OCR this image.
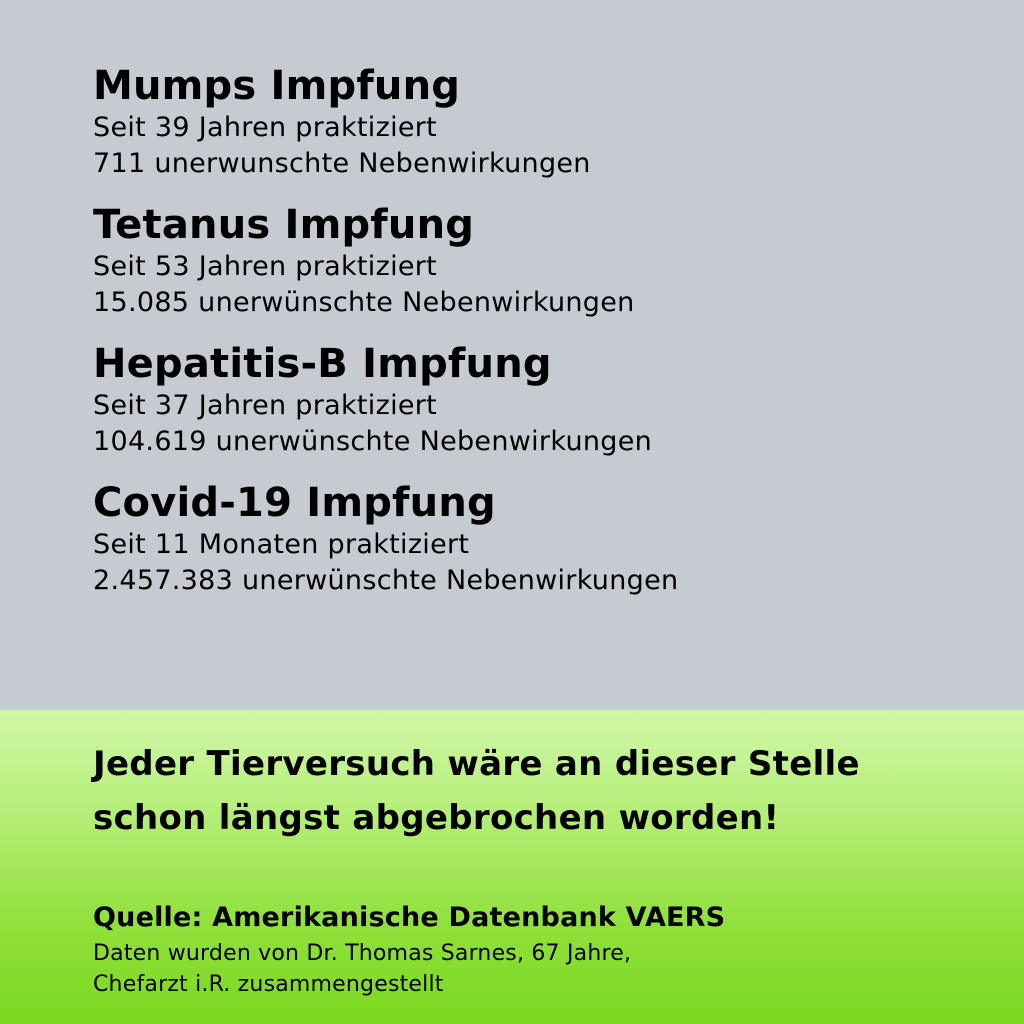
Mumps Impfung

Seit 39 Jahren praktiziert

711 unerwunschte Nebenwirkungen

Tetanus Impfung

Seit 53 Jahren praktiziert

15.085 unerwünschte Nebenwirkungen

Hepatitis-B Impfung

Seit 37 Jahren praktiziert

104.619 unerwünschte Nebenwirkungen

Covid-19 Impfung

Seit 11 Monaten praktiziert

2.457.383 unerwünschte Nebenwirkungen

Jeder Tierversuch wäre an dieser Stelle

schon längst abgebrochen worden!

Quelle: Amerikanische Datenbank VAERS

Daten wurden von Dr. Thomas Sarnes, 67 Jahre,

Chefarzt i.R. zusammengestellt
